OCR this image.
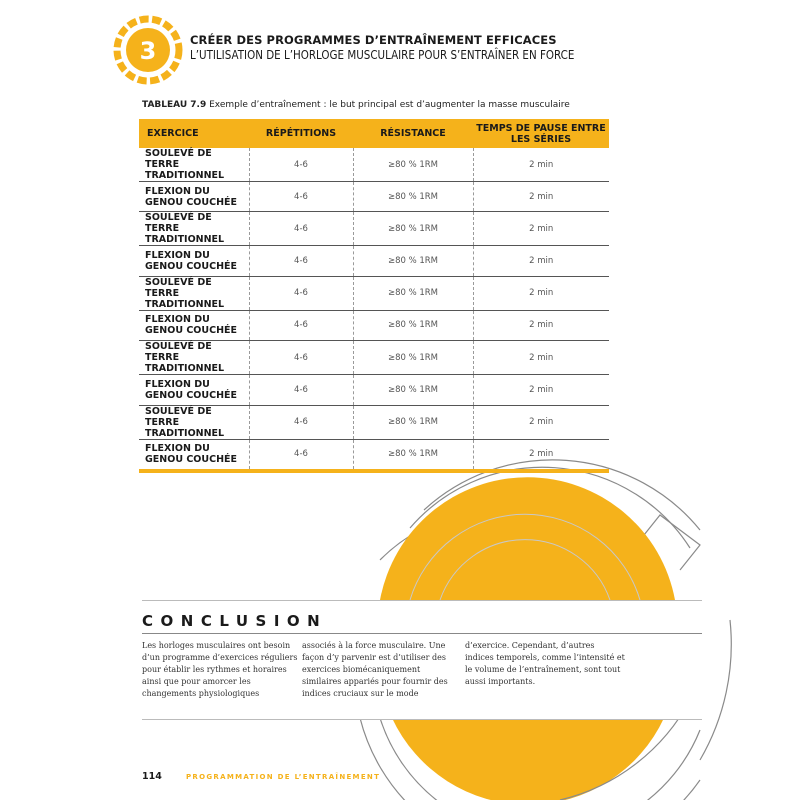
3	CRÉER DES PROGRAMMES D’ENTRAÎNEMENT EFFICACES
L’UTILISATION DE L’HORLOGE MUSCULAIRE POUR S’ENTRAÎNER EN FORCE
TABLEAU 7.9 Exemple d’entraînement : le but principal est d’augmenter la masse musculaire
EXERCICE	RÉPÉTITIONS	RÉSISTANCE	TEMPS DE PAUSE ENTRE LES SÉRIES
SOULEVÉ DE TERRE TRADITIONNEL	4-6	≥80 % 1RM	2 min
FLEXION DU GENOU COUCHÉE	4-6	≥80 % 1RM	2 min
SOULEVÉ DE TERRE TRADITIONNEL	4-6	≥80 % 1RM	2 min
FLEXION DU GENOU COUCHÉE	4-6	≥80 % 1RM	2 min
SOULEVÉ DE TERRE TRADITIONNEL	4-6	≥80 % 1RM	2 min
FLEXION DU GENOU COUCHÉE	4-6	≥80 % 1RM	2 min
SOULEVÉ DE TERRE TRADITIONNEL	4-6	≥80 % 1RM	2 min
FLEXION DU GENOU COUCHÉE	4-6	≥80 % 1RM	2 min
SOULEVÉ DE TERRE TRADITIONNEL	4-6	≥80 % 1RM	2 min
FLEXION DU GENOU COUCHÉE	4-6	≥80 % 1RM	2 min
CONCLUSION
Les horloges musculaires ont besoin d’un programme d’exercices réguliers pour établir les rythmes et horaires ainsi que pour amorcer les changements physiologiques
associés à la force musculaire. Une façon d’y parvenir est d’utiliser des exercices biomécaniquement similaires appariés pour fournir des indices cruciaux sur le mode
d’exercice. Cependant, d’autres indices temporels, comme l’intensité et le volume de l’entraînement, sont tout aussi importants.
114	PROGRAMMATION DE L’ENTRAÎNEMENT
